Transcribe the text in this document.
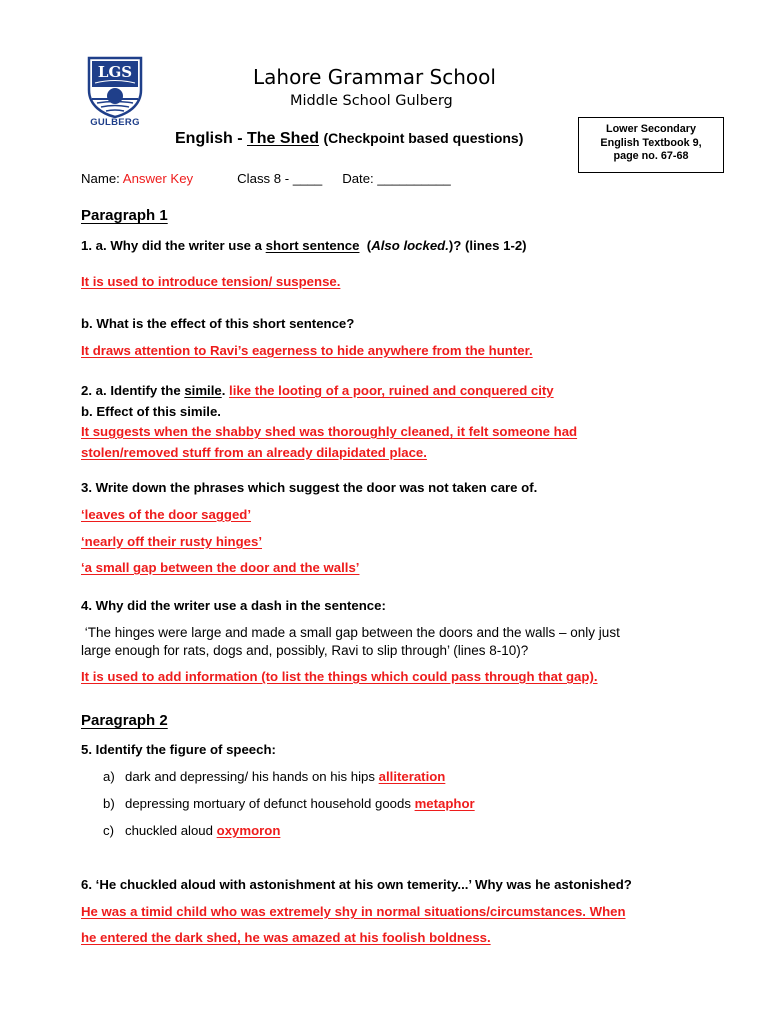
LGS
GULBERG
Lahore Grammar School
Middle School Gulberg
English - The Shed (Checkpoint based questions)
Lower Secondary
English Textbook 9,
page no. 67-68
Name: Answer Key	Class 8 - ____ Date: __________
Paragraph 1
1. a. Why did the writer use a short sentence  (Also locked.)? (lines 1-2)
It is used to introduce tension/ suspense.
b. What is the effect of this short sentence?
It draws attention to Ravi’s eagerness to hide anywhere from the hunter.
2. a. Identify the simile. like the looting of a poor, ruined and conquered city
b. Effect of this simile.
It suggests when the shabby shed was thoroughly cleaned, it felt someone had
stolen/removed stuff from an already dilapidated place.
3. Write down the phrases which suggest the door was not taken care of.
‘leaves of the door sagged’
‘nearly off their rusty hinges’
‘a small gap between the door and the walls’
4. Why did the writer use a dash in the sentence:
‘The hinges were large and made a small gap between the doors and the walls – only just
large enough for rats, dogs and, possibly, Ravi to slip through’ (lines 8-10)?
It is used to add information (to list the things which could pass through that gap).
Paragraph 2
5. Identify the figure of speech:
a) dark and depressing/ his hands on his hips alliteration
b) depressing mortuary of defunct household goods metaphor
c) chuckled aloud oxymoron
6. ‘He chuckled aloud with astonishment at his own temerity...’ Why was he astonished?
He was a timid child who was extremely shy in normal situations/circumstances. When
he entered the dark shed, he was amazed at his foolish boldness.
